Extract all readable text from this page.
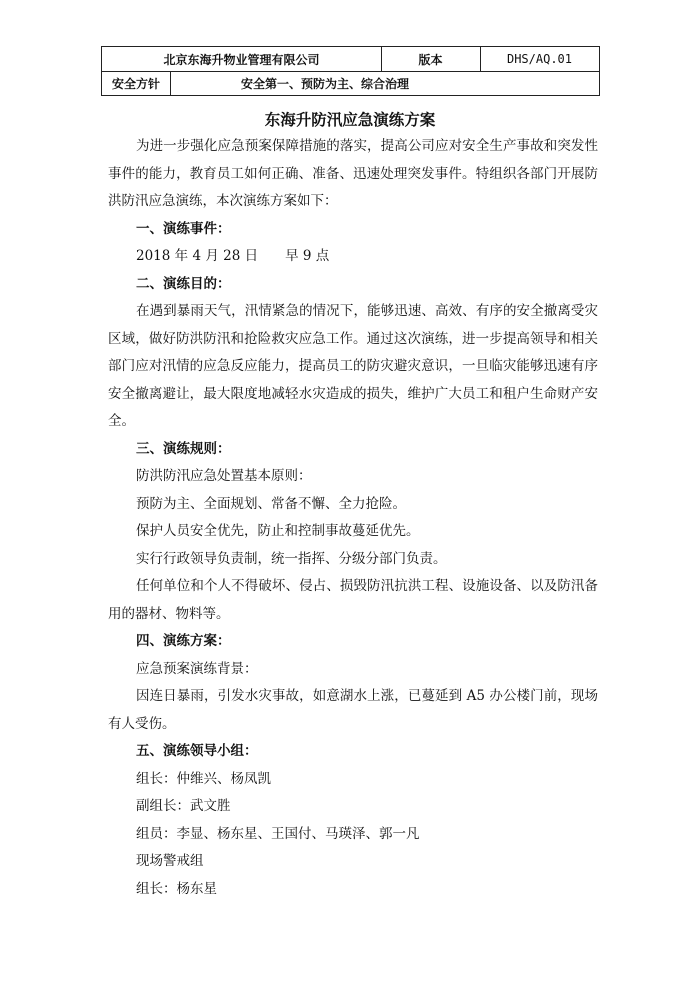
北京东海升物业管理有限公司	版本	DHS/AQ.01
安全方针	安全第一、预防为主、综合治理
东海升防汛应急演练方案
为进一步强化应急预案保障措施的落实，提高公司应对安全生产事故和突发性事件的能力，教育员工如何正确、准备、迅速处理突发事件。特组织各部门开展防洪防汛应急演练，本次演练方案如下：
一、演练事件：
2018 年 4 月 28 日　　早 9 点
二、演练目的：
在遇到暴雨天气，汛情紧急的情况下，能够迅速、高效、有序的安全撤离受灾区域，做好防洪防汛和抢险救灾应急工作。通过这次演练，进一步提高领导和相关部门应对汛情的应急反应能力，提高员工的防灾避灾意识，一旦临灾能够迅速有序安全撤离避让，最大限度地减轻水灾造成的损失，维护广大员工和租户生命财产安全。
三、演练规则：
防洪防汛应急处置基本原则：
预防为主、全面规划、常备不懈、全力抢险。
保护人员安全优先，防止和控制事故蔓延优先。
实行行政领导负责制，统一指挥、分级分部门负责。
任何单位和个人不得破坏、侵占、损毁防汛抗洪工程、设施设备、以及防汛备用的器材、物料等。
四、演练方案：
应急预案演练背景：
因连日暴雨，引发水灾事故，如意湖水上涨，已蔓延到 A5 办公楼门前，现场有人受伤。
五、演练领导小组：
组长：仲维兴、杨凤凯
副组长：武文胜
组员：李显、杨东星、王国付、马瑛泽、郭一凡
现场警戒组
组长：杨东星
